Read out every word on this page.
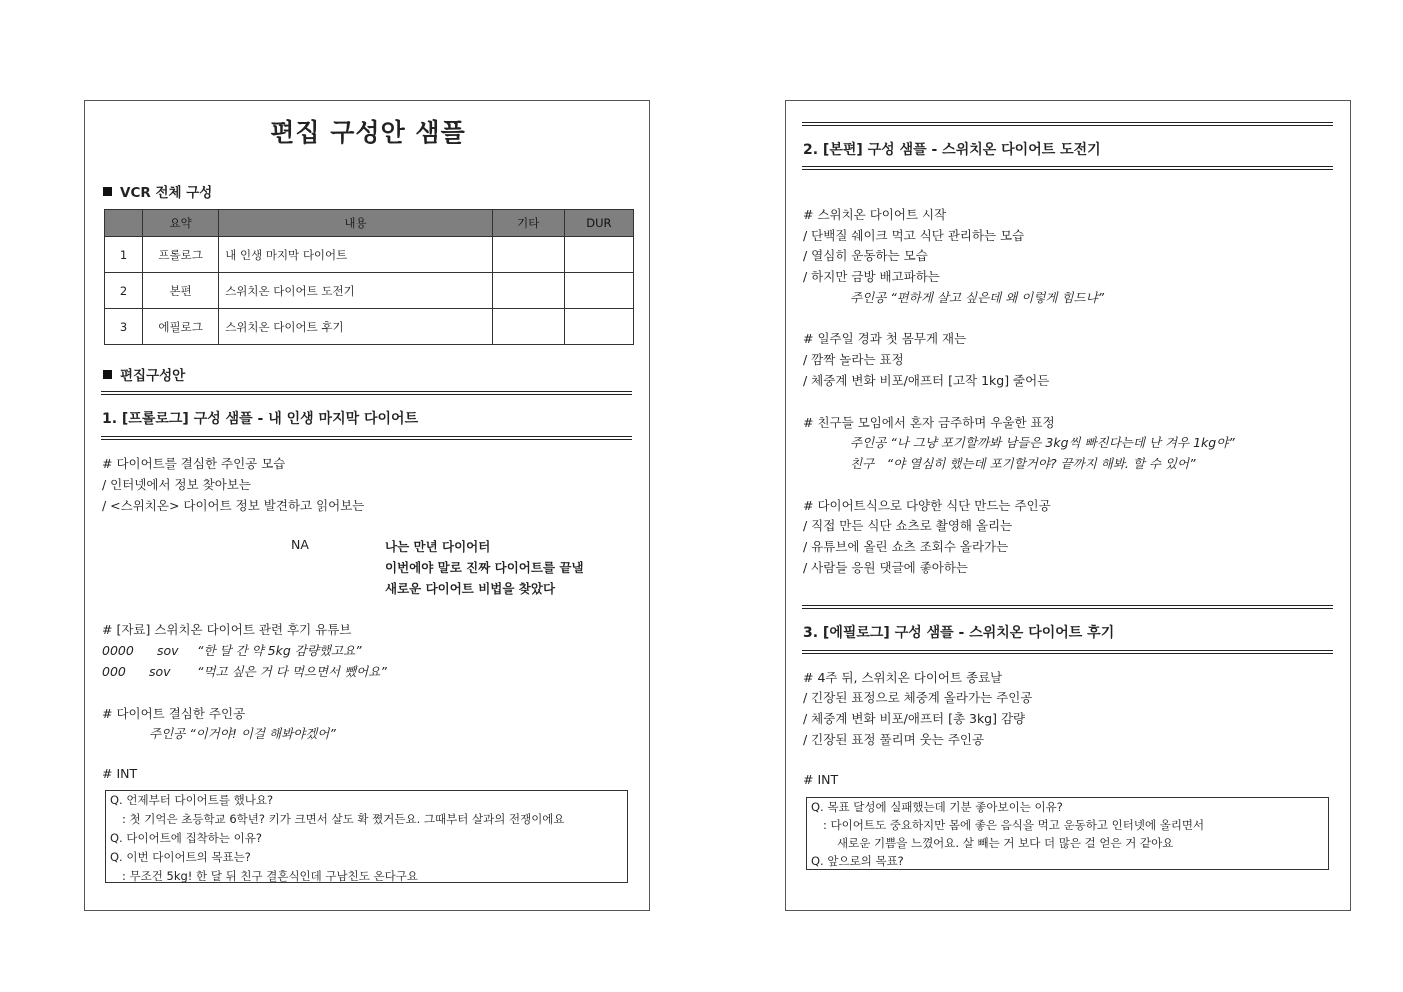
편집 구성안 샘플
VCR 전체 구성
	요약	내용	기타	DUR
1	프롤로그	내 인생 마지막 다이어트		
2	본편	스위치온 다이어트 도전기		
3	에필로그	스위치온 다이어트 후기		
편집구성안
1. [프롤로그] 구성 샘플 - 내 인생 마지막 다이어트
# 다이어트를 결심한 주인공 모습
/ 인터넷에서 정보 찾아보는
/ <스위치온> 다이어트 정보 발견하고 읽어보는
NA	나는 만년 다이어터
이번에야 말로 진짜 다이어트를 끝낼
새로운 다이어트 비법을 찾았다
# [자료] 스위치온 다이어트 관련 후기 유튜브
0000 sov “한 달 간 약 5kg 감량했고요”
000 sov “먹고 싶은 거 다 먹으면서 뺐어요”
# 다이어트 결심한 주인공
주인공 “이거야! 이걸 해봐야겠어”
# INT
Q. 언제부터 다이어트를 했나요?
: 첫 기억은 초등학교 6학년? 키가 크면서 살도 확 쪘거든요. 그때부터 살과의 전쟁이에요
Q. 다이어트에 집착하는 이유?
Q. 이번 다이어트의 목표는?
: 무조건 5kg! 한 달 뒤 친구 결혼식인데 구남친도 온다구요
2. [본편] 구성 샘플 - 스위치온 다이어트 도전기
# 스위치온 다이어트 시작
/ 단백질 쉐이크 먹고 식단 관리하는 모습
/ 열심히 운동하는 모습
/ 하지만 금방 배고파하는
주인공 “편하게 살고 싶은데 왜 이렇게 힘드냐”
# 일주일 경과 첫 몸무게 재는
/ 깜짝 놀라는 표정
/ 체중계 변화 비포/애프터 [고작 1kg] 줄어든
# 친구들 모임에서 혼자 금주하며 우울한 표정
주인공 “나 그냥 포기할까봐 남들은 3kg씩 빠진다는데 난 겨우 1kg야”
친구　“야 열심히 했는데 포기할거야? 끝까지 해봐. 할 수 있어”
# 다이어트식으로 다양한 식단 만드는 주인공
/ 직접 만든 식단 쇼츠로 촬영해 올리는
/ 유튜브에 올린 쇼츠 조회수 올라가는
/ 사람들 응원 댓글에 좋아하는
3. [에필로그] 구성 샘플 - 스위치온 다이어트 후기
# 4주 뒤, 스위치온 다이어트 종료날
/ 긴장된 표정으로 체중계 올라가는 주인공
/ 체중계 변화 비포/애프터 [총 3kg] 감량
/ 긴장된 표정 풀리며 웃는 주인공
# INT
Q. 목표 달성에 실패했는데 기분 좋아보이는 이유?
: 다이어트도 중요하지만 몸에 좋은 음식을 먹고 운동하고 인터넷에 올리면서
새로운 기쁨을 느꼈어요. 살 빼는 거 보다 더 많은 걸 얻은 거 같아요
Q. 앞으로의 목표?
